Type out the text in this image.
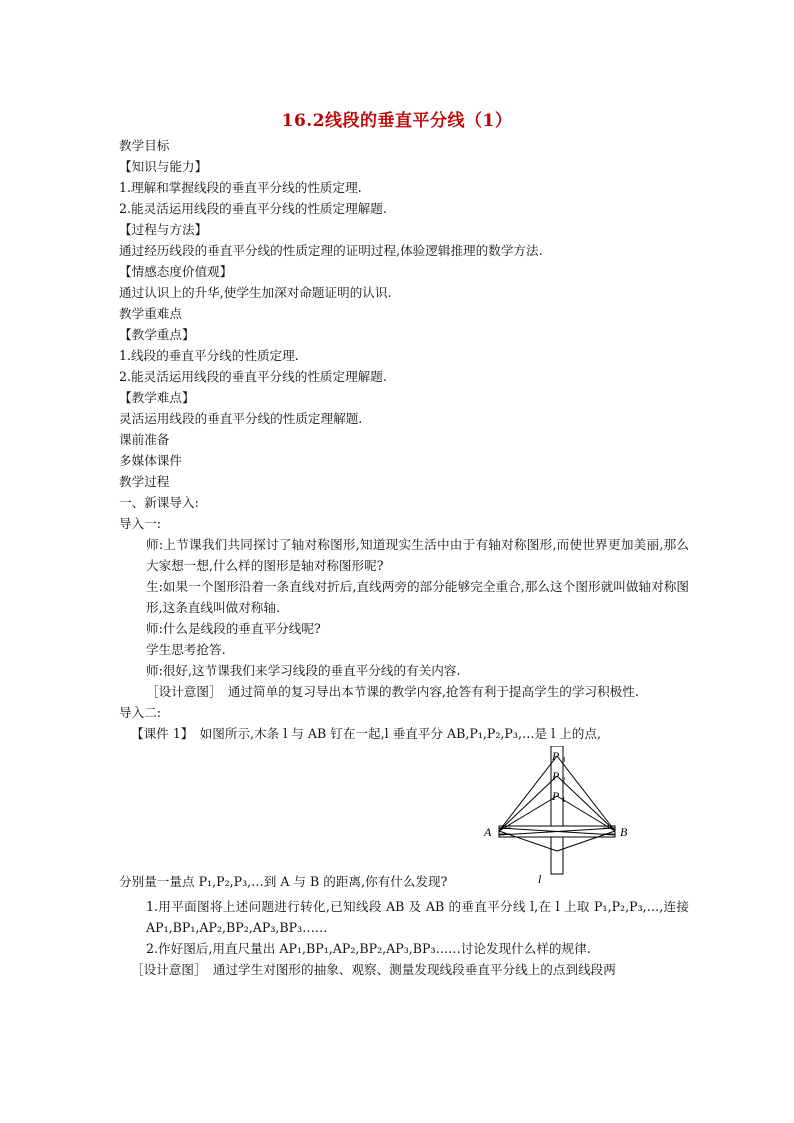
16.2线段的垂直平分线（1）
教学目标
【知识与能力】
1.理解和掌握线段的垂直平分线的性质定理.
2.能灵活运用线段的垂直平分线的性质定理解题.
【过程与方法】
通过经历线段的垂直平分线的性质定理的证明过程,体验逻辑推理的数学方法.
【情感态度价值观】
通过认识上的升华,使学生加深对命题证明的认识.
教学重难点
【教学重点】
1.线段的垂直平分线的性质定理.
2.能灵活运用线段的垂直平分线的性质定理解题.
【教学难点】
灵活运用线段的垂直平分线的性质定理解题.
课前准备
多媒体课件
教学过程
一、新课导入:
导入一:
师:上节课我们共同探讨了轴对称图形,知道现实生活中由于有轴对称图形,而使世界更加美丽,那么大家想一想,什么样的图形是轴对称图形呢?
生:如果一个图形沿着一条直线对折后,直线两旁的部分能够完全重合,那么这个图形就叫做轴对称图形,这条直线叫做对称轴.
师:什么是线段的垂直平分线呢?
学生思考抢答.
师:很好,这节课我们来学习线段的垂直平分线的有关内容.
［设计意图］　通过简单的复习导出本节课的教学内容,抢答有利于提高学生的学习积极性.
导入二:
【课件 1】　如图所示,木条 l 与 AB 钉在一起,l 垂直平分 AB,P₁,P₂,P₃,…是 l 上的点,
P 3
P 2
P 1
A	B
l
分别量一量点 P₁,P₂,P₃,…到 A 与 B 的距离,你有什么发现?
1.用平面图将上述问题进行转化,已知线段 AB 及 AB 的垂直平分线 l,在 l 上取 P₁,P₂,P₃,…,连接 AP₁,BP₁,AP₂,BP₂,AP₃,BP₃……
2.作好图后,用直尺量出 AP₁,BP₁,AP₂,BP₂,AP₃,BP₃……讨论发现什么样的规律.
［设计意图］　通过学生对图形的抽象、观察、测量发现线段垂直平分线上的点到线段两
